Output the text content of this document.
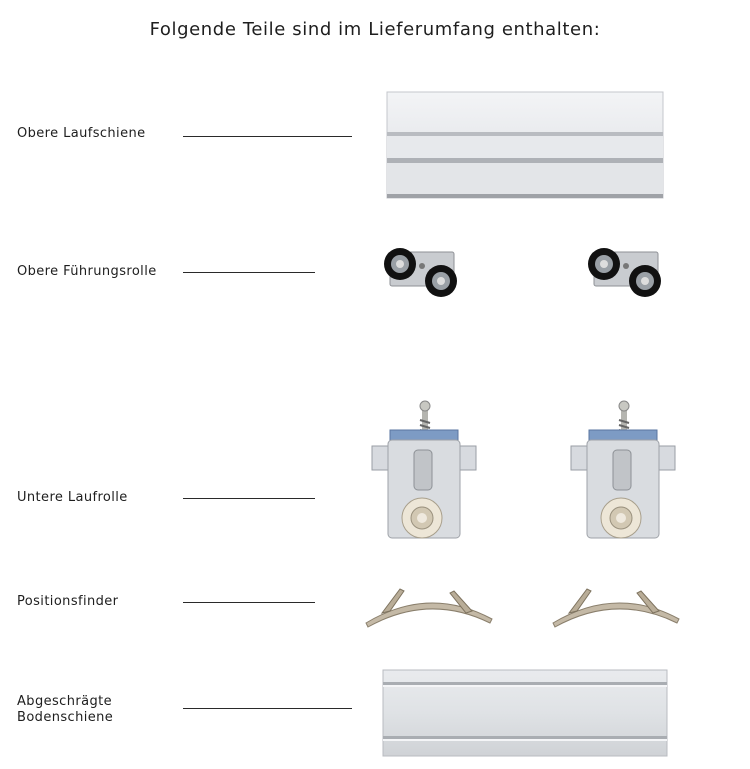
Folgende Teile sind im Lieferumfang enthalten:
Obere Laufschiene
Obere Führungsrolle
Untere Laufrolle
Positionsfinder
Abgeschrägte
Bodenschiene
